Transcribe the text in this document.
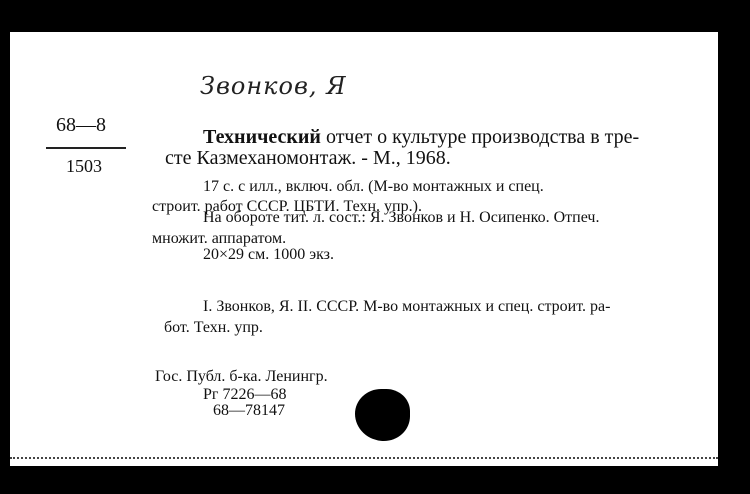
Звонков, Я
68—8
1503
Технический отчет о культуре производства в тре-
сте Казмеханомонтаж. - М., 1968.
17 с. с илл., включ. обл. (М-во монтажных и спец.
строит. работ СССР. ЦБТИ. Техн. упр.).
На обороте тит. л. сост.: Я. Звонков и Н. Осипенко. Отпеч.
множит. аппаратом.
20×29 см. 1000 экз.
I. Звонков, Я. II. СССР. М-во монтажных и спец. строит. ра-
бот. Техн. упр.
Гос. Публ. б-ка. Ленингр.
Рг 7226—68
68—78147
